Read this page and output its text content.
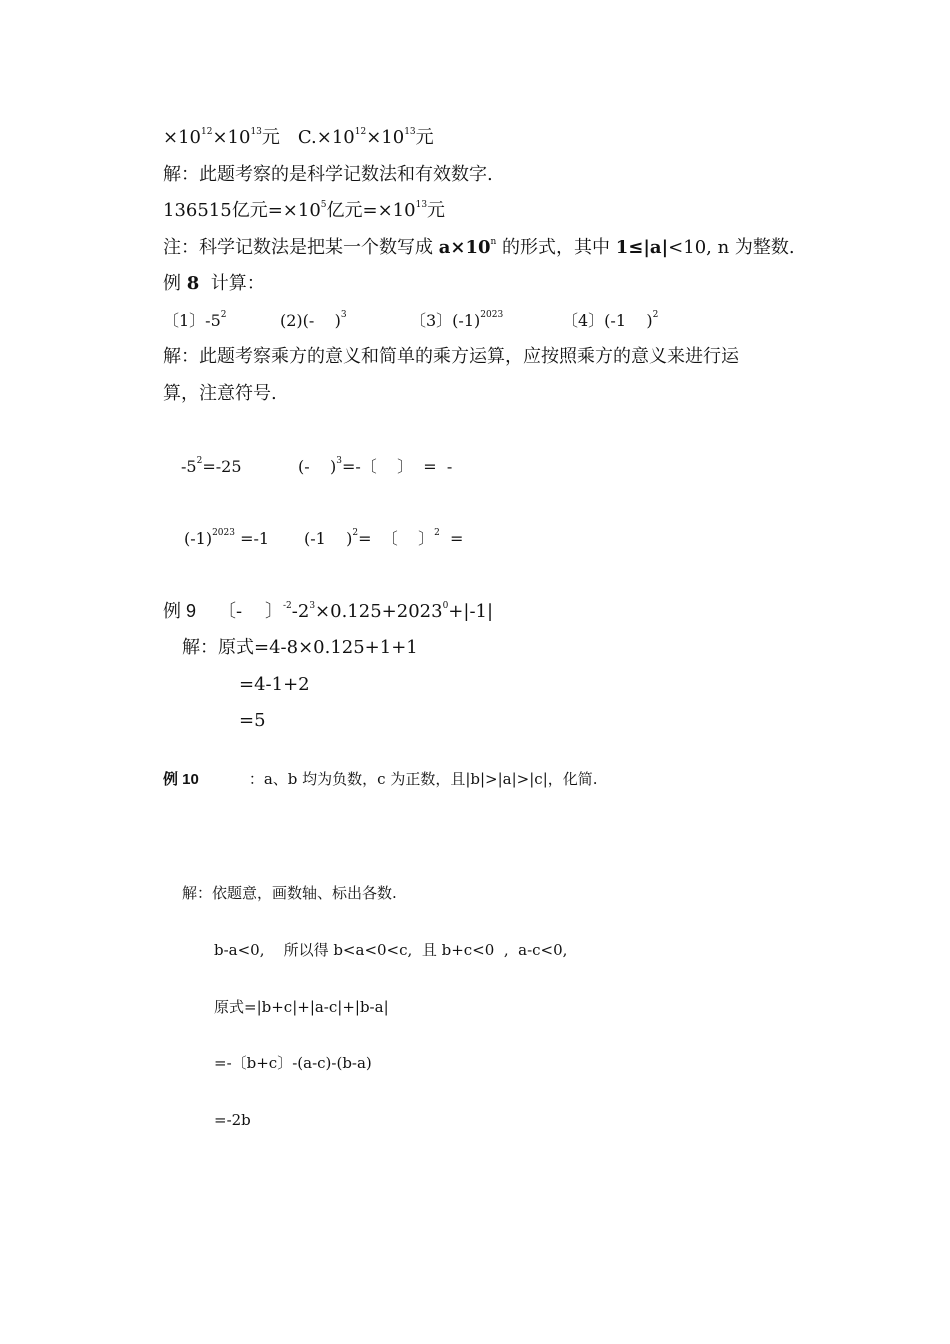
$\times 10^{12}\times 10^{13}$元　$C.\times 10^{12}\times 10^{13}$元
解：此题考察的是科学记数法和有效数字.
136515亿元$=\times 10^5$亿元$=\times 10^{13}$元
注：科学记数法是把某一个数写成 $a\times 10^n$ 的形式，其中 1≤|a|<10, n 为整数.
例 8  计算：
〔1〕$-5^2$	(2)(-    )$^3$	〔3〕$(-1)^{2023}$	〔4〕(-1    )$^2$
解：此题考察乘方的意义和简单的乘方运算，应按照乘方的意义来进行运
算，注意符号.
$-5^2=-25$	(-    )$^3$=-〔    〕  =  -
$(-1)^{2023} =-1$ (-1    )$^2$=  〔    〕$^2$  =
例 9 〔-    〕$^{-2}-2^3\times 0.125+2023^0+|-1|$
解：原式=4-8×0.125+1+1
=4-1+2
=5
例 10	：a、b 均为负数，c 为正数，且|b|>|a|>|c|，化简.
解：依题意，画数轴、标出各数.
b-a<0,    所以得 b<a<0<c,  且 b+c<0  ,  a-c<0,
原式=|b+c|+|a-c|+|b-a|
=-〔b+c〕-(a-c)-(b-a)
=-2b
